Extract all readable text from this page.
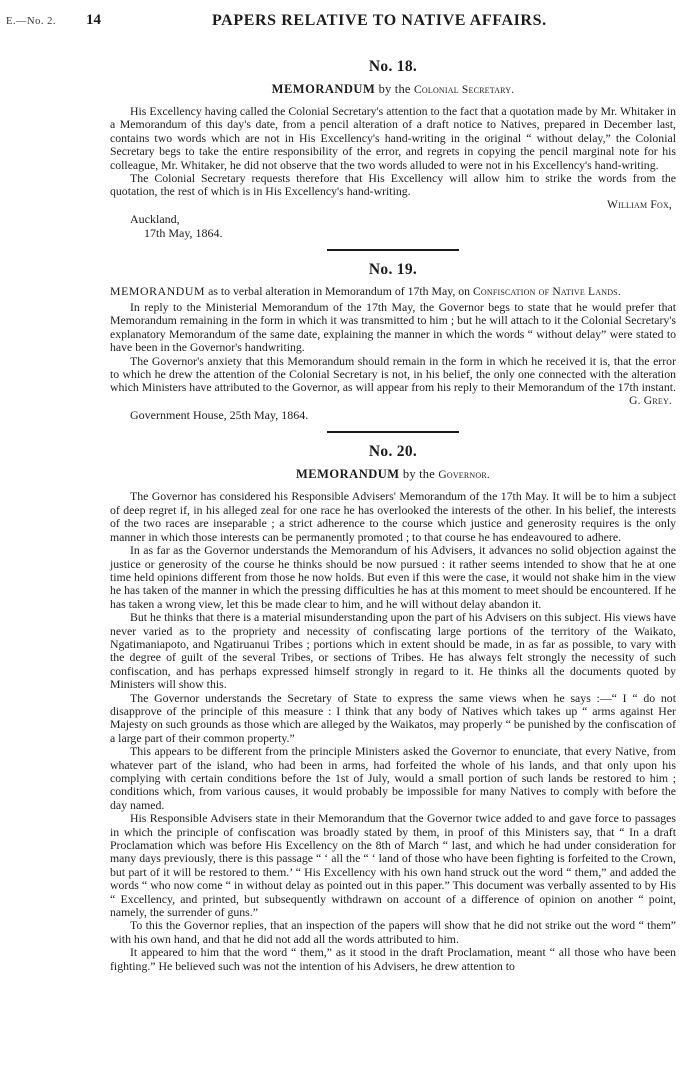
E.—No. 2. 14	PAPERS RELATIVE TO NATIVE AFFAIRS.
No. 18.
MEMORANDUM by the Colonial Secretary.

His Excellency having called the Colonial Secretary's attention to the fact that a quotation made by Mr. Whitaker in a Memorandum of this day's date, from a pencil alteration of a draft notice to Natives, prepared in December last, contains two words which are not in His Excellency's hand-writing in the original “ without delay,” the Colonial Secretary begs to take the entire responsibility of the error, and regrets in copying the pencil marginal note for his colleague, Mr. Whitaker, he did not observe that the two words alluded to were not in his Excellency's hand-writing.

The Colonial Secretary requests therefore that His Excellency will allow him to strike the words from the quotation, the rest of which is in His Excellency's hand-writing.

William Fox,
Auckland,
17th May, 1864.
No. 19.
MEMORANDUM as to verbal alteration in Memorandum of 17th May, on Confiscation of Native Lands.

In reply to the Ministerial Memorandum of the 17th May, the Governor begs to state that he would prefer that Memorandum remaining in the form in which it was transmitted to him ; but he will attach to it the Colonial Secretary's explanatory Memorandum of the same date, explaining the manner in which the words “ without delay” were stated to have been in the Governor's handwriting.

The Governor's anxiety that this Memorandum should remain in the form in which he received it is, that the error to which he drew the attention of the Colonial Secretary is not, in his belief, the only one connected with the alteration which Ministers have attributed to the Governor, as will appear from his reply to their Memorandum of the 17th instant.

G. Grey.
Government House, 25th May, 1864.
No. 20.
MEMORANDUM by the Governor.

The Governor has considered his Responsible Advisers' Memorandum of the 17th May. It will be to him a subject of deep regret if, in his alleged zeal for one race he has overlooked the interests of the other. In his belief, the interests of the two races are inseparable ; a strict adherence to the course which justice and generosity requires is the only manner in which those interests can be permanently promoted ; to that course he has endeavoured to adhere.

In as far as the Governor understands the Memorandum of his Advisers, it advances no solid objection against the justice or generosity of the course he thinks should be now pursued : it rather seems intended to show that he at one time held opinions different from those he now holds. But even if this were the case, it would not shake him in the view he has taken of the manner in which the pressing difficulties he has at this moment to meet should be encountered. If he has taken a wrong view, let this be made clear to him, and he will without delay abandon it.

But he thinks that there is a material misunderstanding upon the part of his Advisers on this subject. His views have never varied as to the propriety and necessity of confiscating large portions of the territory of the Waikato, Ngatimaniapoto, and Ngatiruanui Tribes ; portions which in extent should be made, in as far as possible, to vary with the degree of guilt of the several Tribes, or sections of Tribes. He has always felt strongly the necessity of such confiscation, and has perhaps expressed himself strongly in regard to it. He thinks all the documents quoted by Ministers will show this.

The Governor understands the Secretary of State to express the same views when he says :—“ I “ do not disapprove of the principle of this measure : I think that any body of Natives which takes up “ arms against Her Majesty on such grounds as those which are alleged by the Waikatos, may properly “ be punished by the confiscation of a large part of their common property.”

This appears to be different from the principle Ministers asked the Governor to enunciate, that every Native, from whatever part of the island, who had been in arms, had forfeited the whole of his lands, and that only upon his complying with certain conditions before the 1st of July, would a small portion of such lands be restored to him ; conditions which, from various causes, it would probably be impossible for many Natives to comply with before the day named.

His Responsible Advisers state in their Memorandum that the Governor twice added to and gave force to passages in which the principle of confiscation was broadly stated by them, in proof of this Ministers say, that “ In a draft Proclamation which was before His Excellency on the 8th of March “ last, and which he had under consideration for many days previously, there is this passage “ ‘ all the “ ‘ land of those who have been fighting is forfeited to the Crown, but part of it will be restored to them.’ “ His Excellency with his own hand struck out the word “ them,” and added the words “ who now come “ in without delay as pointed out in this paper.” This document was verbally assented to by His “ Excellency, and printed, but subsequently withdrawn on account of a difference of opinion on another “ point, namely, the surrender of guns.”

To this the Governor replies, that an inspection of the papers will show that he did not strike out the word “ them” with his own hand, and that he did not add all the words attributed to him.

It appeared to him that the word “ them,” as it stood in the draft Proclamation, meant “ all those who have been fighting.” He believed such was not the intention of his Advisers, he drew attention to
